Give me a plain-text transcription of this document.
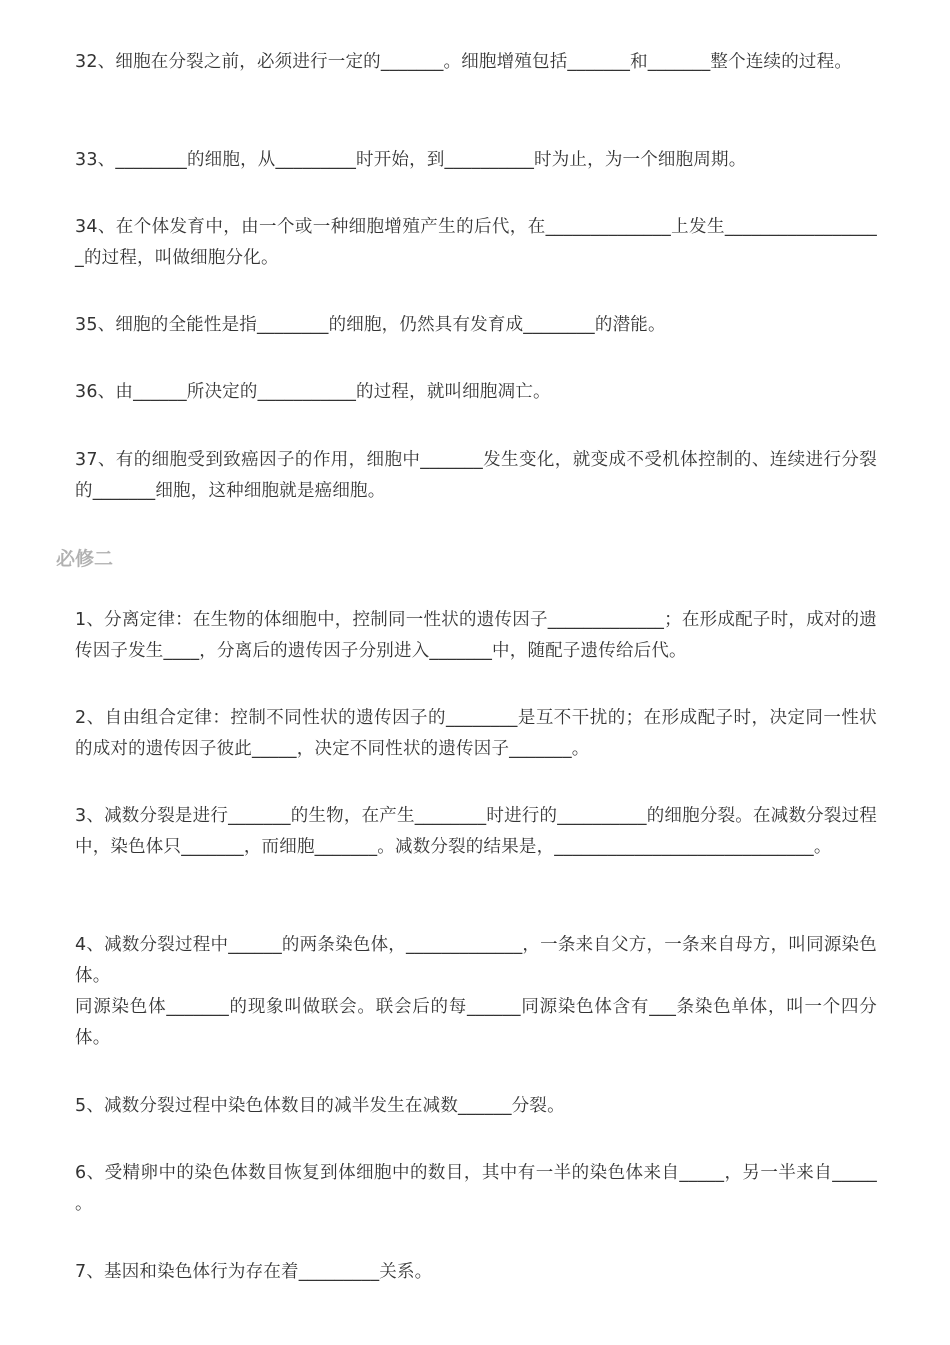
32、细胞在分裂之前，必须进行一定的_______。细胞增殖包括_______和_______整个连续的过程。
33、________的细胞，从_________时开始，到__________时为止，为一个细胞周期。
34、在个体发育中，由一个或一种细胞增殖产生的后代，在______________上发生__________________的过程，叫做细胞分化。
35、细胞的全能性是指________的细胞，仍然具有发育成________的潜能。
36、由______所决定的___________的过程，就叫细胞凋亡。
37、有的细胞受到致癌因子的作用，细胞中_______发生变化，就变成不受机体控制的、连续进行分裂的_______细胞，这种细胞就是癌细胞。
必修二
1、分离定律：在生物的体细胞中，控制同一性状的遗传因子_____________；在形成配子时，成对的遗传因子发生____，分离后的遗传因子分别进入_______中，随配子遗传给后代。
2、自由组合定律：控制不同性状的遗传因子的________是互不干扰的；在形成配子时，决定同一性状的成对的遗传因子彼此_____，决定不同性状的遗传因子_______。
3、减数分裂是进行_______的生物，在产生________时进行的__________的细胞分裂。在减数分裂过程中，染色体只_______，而细胞_______。减数分裂的结果是，_____________________________。
4、减数分裂过程中______的两条染色体，_____________，一条来自父方，一条来自母方，叫同源染色体。
同源染色体_______的现象叫做联会。联会后的每______同源染色体含有___条染色单体，叫一个四分体。
5、减数分裂过程中染色体数目的减半发生在减数______分裂。
6、受精卵中的染色体数目恢复到体细胞中的数目，其中有一半的染色体来自_____，另一半来自_____ 。
7、基因和染色体行为存在着_________关系。
